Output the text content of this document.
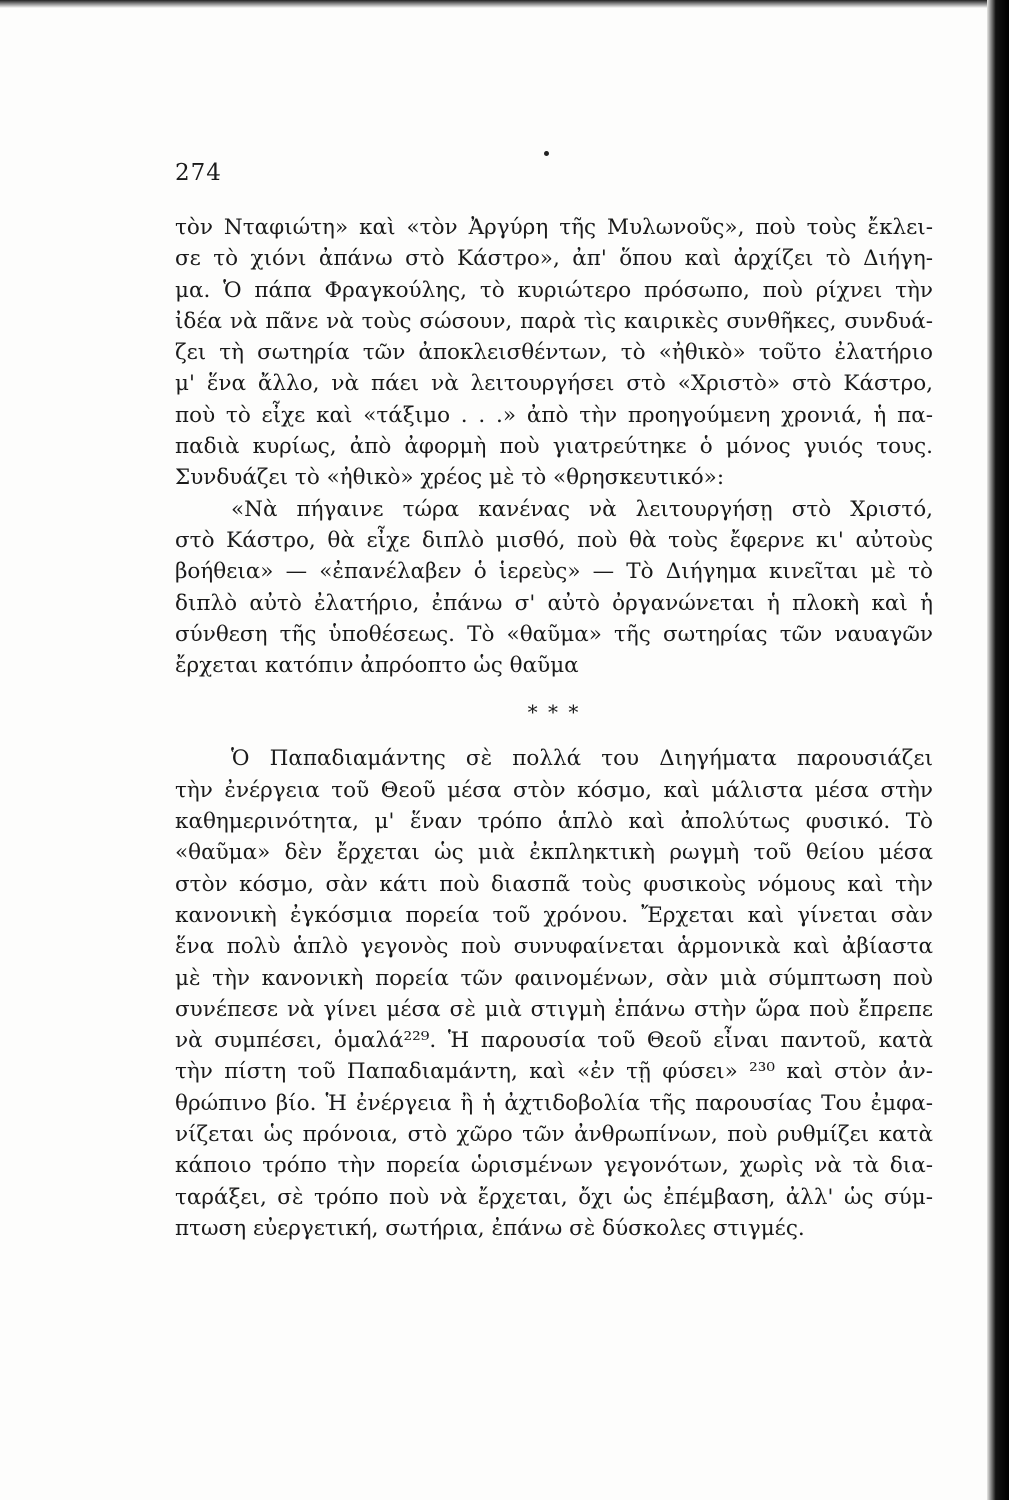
274
τὸν Νταφιώτη» καὶ «τὸν Ἀργύρη τῆς Μυλωνοῦς», ποὺ τοὺς ἔκλει-
σε τὸ χιόνι ἀπάνω στὸ Κάστρο», ἀπ' ὅπου καὶ ἀρχίζει τὸ Διήγη-
μα. Ὁ πάπα Φραγκούλης, τὸ κυριώτερο πρόσωπο, ποὺ ρίχνει τὴν
ἰδέα νὰ πᾶνε νὰ τοὺς σώσουν, παρὰ τὶς καιρικὲς συνθῆκες, συνδυά-
ζει τὴ σωτηρία τῶν ἀποκλεισθέντων, τὸ «ἠθικὸ» τοῦτο ἐλατήριο
μ' ἕνα ἄλλο, νὰ πάει νὰ λειτουργήσει στὸ «Χριστὸ» στὸ Κάστρο,
ποὺ τὸ εἶχε καὶ «τάξιμο . . .» ἀπὸ τὴν προηγούμενη χρονιά, ἡ πα-
παδιὰ κυρίως, ἀπὸ ἀφορμὴ ποὺ γιατρεύτηκε ὁ μόνος γυιός τους.
Συνδυάζει τὸ «ἠθικὸ» χρέος μὲ τὸ «θρησκευτικό»:
«Νὰ πήγαινε τώρα κανένας νὰ λειτουργήσῃ στὸ Χριστό,
στὸ Κάστρο, θὰ εἶχε διπλὸ μισθό, ποὺ θὰ τοὺς ἔφερνε κι' αὐτοὺς
βοήθεια» — «ἐπανέλαβεν ὁ ἱερεὺς» — Τὸ Διήγημα κινεῖται μὲ τὸ
διπλὸ αὐτὸ ἐλατήριο, ἐπάνω σ' αὐτὸ ὀργανώνεται ἡ πλοκὴ καὶ ἡ
σύνθεση τῆς ὑποθέσεως. Τὸ «θαῦμα» τῆς σωτηρίας τῶν ναυαγῶν
ἔρχεται κατόπιν ἀπρόοπτο ὡς θαῦμα
* * *
Ὁ Παπαδιαμάντης σὲ πολλά του Διηγήματα παρουσιάζει
τὴν ἐνέργεια τοῦ Θεοῦ μέσα στὸν κόσμο, καὶ μάλιστα μέσα στὴν
καθημερινότητα, μ' ἕναν τρόπο ἁπλὸ καὶ ἀπολύτως φυσικό. Τὸ
«θαῦμα» δὲν ἔρχεται ὡς μιὰ ἐκπληκτικὴ ρωγμὴ τοῦ θείου μέσα
στὸν κόσμο, σὰν κάτι ποὺ διασπᾶ τοὺς φυσικοὺς νόμους καὶ τὴν
κανονικὴ ἐγκόσμια πορεία τοῦ χρόνου. Ἔρχεται καὶ γίνεται σὰν
ἕνα πολὺ ἁπλὸ γεγονὸς ποὺ συνυφαίνεται ἁρμονικὰ καὶ ἀβίαστα
μὲ τὴν κανονικὴ πορεία τῶν φαινομένων, σὰν μιὰ σύμπτωση ποὺ
συνέπεσε νὰ γίνει μέσα σὲ μιὰ στιγμὴ ἐπάνω στὴν ὥρα ποὺ ἔπρεπε
νὰ συμπέσει, ὁμαλά²²⁹. Ἡ παρουσία τοῦ Θεοῦ εἶναι παντοῦ, κατὰ
τὴν πίστη τοῦ Παπαδιαμάντη, καὶ «ἐν τῇ φύσει» ²³⁰ καὶ στὸν ἀν-
θρώπινο βίο. Ἡ ἐνέργεια ἢ ἡ ἀχτιδοβολία τῆς παρουσίας Του ἐμφα-
νίζεται ὡς πρόνοια, στὸ χῶρο τῶν ἀνθρωπίνων, ποὺ ρυθμίζει κατὰ
κάποιο τρόπο τὴν πορεία ὡρισμένων γεγονότων, χωρὶς νὰ τὰ δια-
ταράξει, σὲ τρόπο ποὺ νὰ ἔρχεται, ὄχι ὡς ἐπέμβαση, ἀλλ' ὡς σύμ-
πτωση εὐεργετική, σωτήρια, ἐπάνω σὲ δύσκολες στιγμές.
